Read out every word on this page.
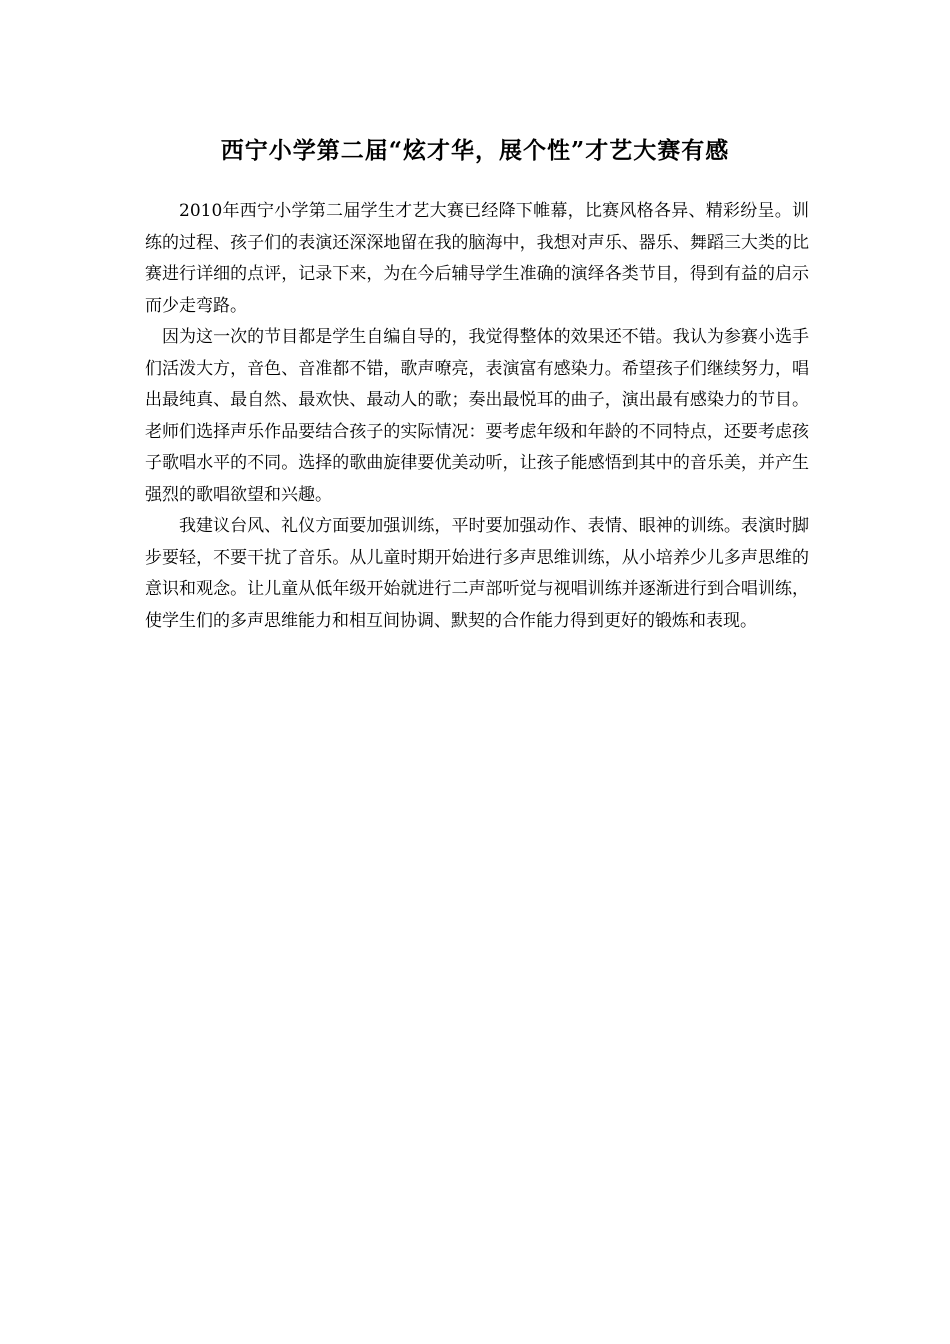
西宁小学第二届“炫才华，展个性”才艺大赛有感

2010年西宁小学第二届学生才艺大赛已经降下帷幕，比赛风格各异、精彩纷呈。训练的过程、孩子们的表演还深深地留在我的脑海中，我想对声乐、器乐、舞蹈三大类的比赛进行详细的点评，记录下来，为在今后辅导学生准确的演绎各类节目，得到有益的启示而少走弯路。

因为这一次的节目都是学生自编自导的，我觉得整体的效果还不错。我认为参赛小选手们活泼大方，音色、音准都不错，歌声嘹亮，表演富有感染力。希望孩子们继续努力，唱出最纯真、最自然、最欢快、最动人的歌；奏出最悦耳的曲子，演出最有感染力的节目。老师们选择声乐作品要结合孩子的实际情况：要考虑年级和年龄的不同特点，还要考虑孩子歌唱水平的不同。选择的歌曲旋律要优美动听，让孩子能感悟到其中的音乐美，并产生强烈的歌唱欲望和兴趣。

我建议台风、礼仪方面要加强训练，平时要加强动作、表情、眼神的训练。表演时脚步要轻，不要干扰了音乐。从儿童时期开始进行多声思维训练，从小培养少儿多声思维的意识和观念。让儿童从低年级开始就进行二声部听觉与视唱训练并逐渐进行到合唱训练，使学生们的多声思维能力和相互间协调、默契的合作能力得到更好的锻炼和表现。
